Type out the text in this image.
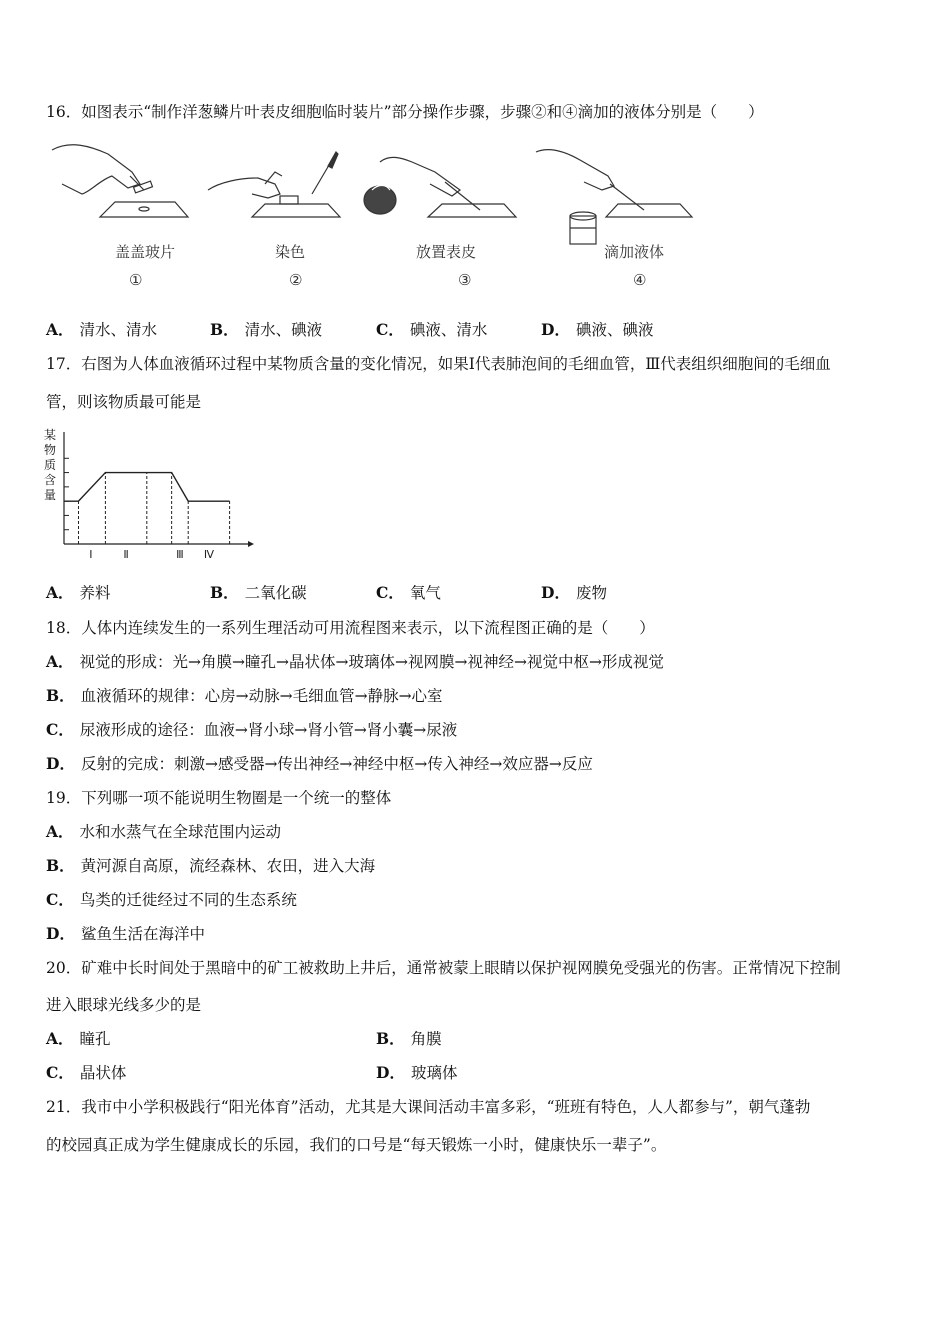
16．如图表示“制作洋葱鳞片叶表皮细胞临时装片”部分操作步骤，步骤②和④滴加的液体分别是（　　）
盖盖玻片
①
染色
②
放置表皮
③
滴加液体
④
A． 清水、清水	B． 清水、碘液	C． 碘液、清水	D． 碘液、碘液
17．右图为人体血液循环过程中某物质含量的变化情况，如果Ⅰ代表肺泡间的毛细血管，Ⅲ代表组织细胞间的毛细血
管，则该物质最可能是
某物质含量
Ⅰ	Ⅱ	Ⅲ Ⅳ
A． 养料	B． 二氧化碳	C． 氧气	D． 废物
18．人体内连续发生的一系列生理活动可用流程图来表示，以下流程图正确的是（　　）
A． 视觉的形成：光→角膜→瞳孔→晶状体→玻璃体→视网膜→视神经→视觉中枢→形成视觉
B． 血液循环的规律：心房→动脉→毛细血管→静脉→心室
C． 尿液形成的途径：血液→肾小球→肾小管→肾小囊→尿液
D． 反射的完成：刺激→感受器→传出神经→神经中枢→传入神经→效应器→反应
19．下列哪一项不能说明生物圈是一个统一的整体
A． 水和水蒸气在全球范围内运动
B． 黄河源自高原，流经森林、农田，进入大海
C． 鸟类的迁徙经过不同的生态系统
D． 鲨鱼生活在海洋中
20．矿难中长时间处于黑暗中的矿工被救助上井后，通常被蒙上眼睛以保护视网膜免受强光的伤害。正常情况下控制
进入眼球光线多少的是
A． 瞳孔	B． 角膜
C． 晶状体	D． 玻璃体
21．我市中小学积极践行“阳光体育”活动，尤其是大课间活动丰富多彩，“班班有特色，人人都参与”，朝气蓬勃
的校园真正成为学生健康成长的乐园，我们的口号是“每天锻炼一小时，健康快乐一辈子”。
